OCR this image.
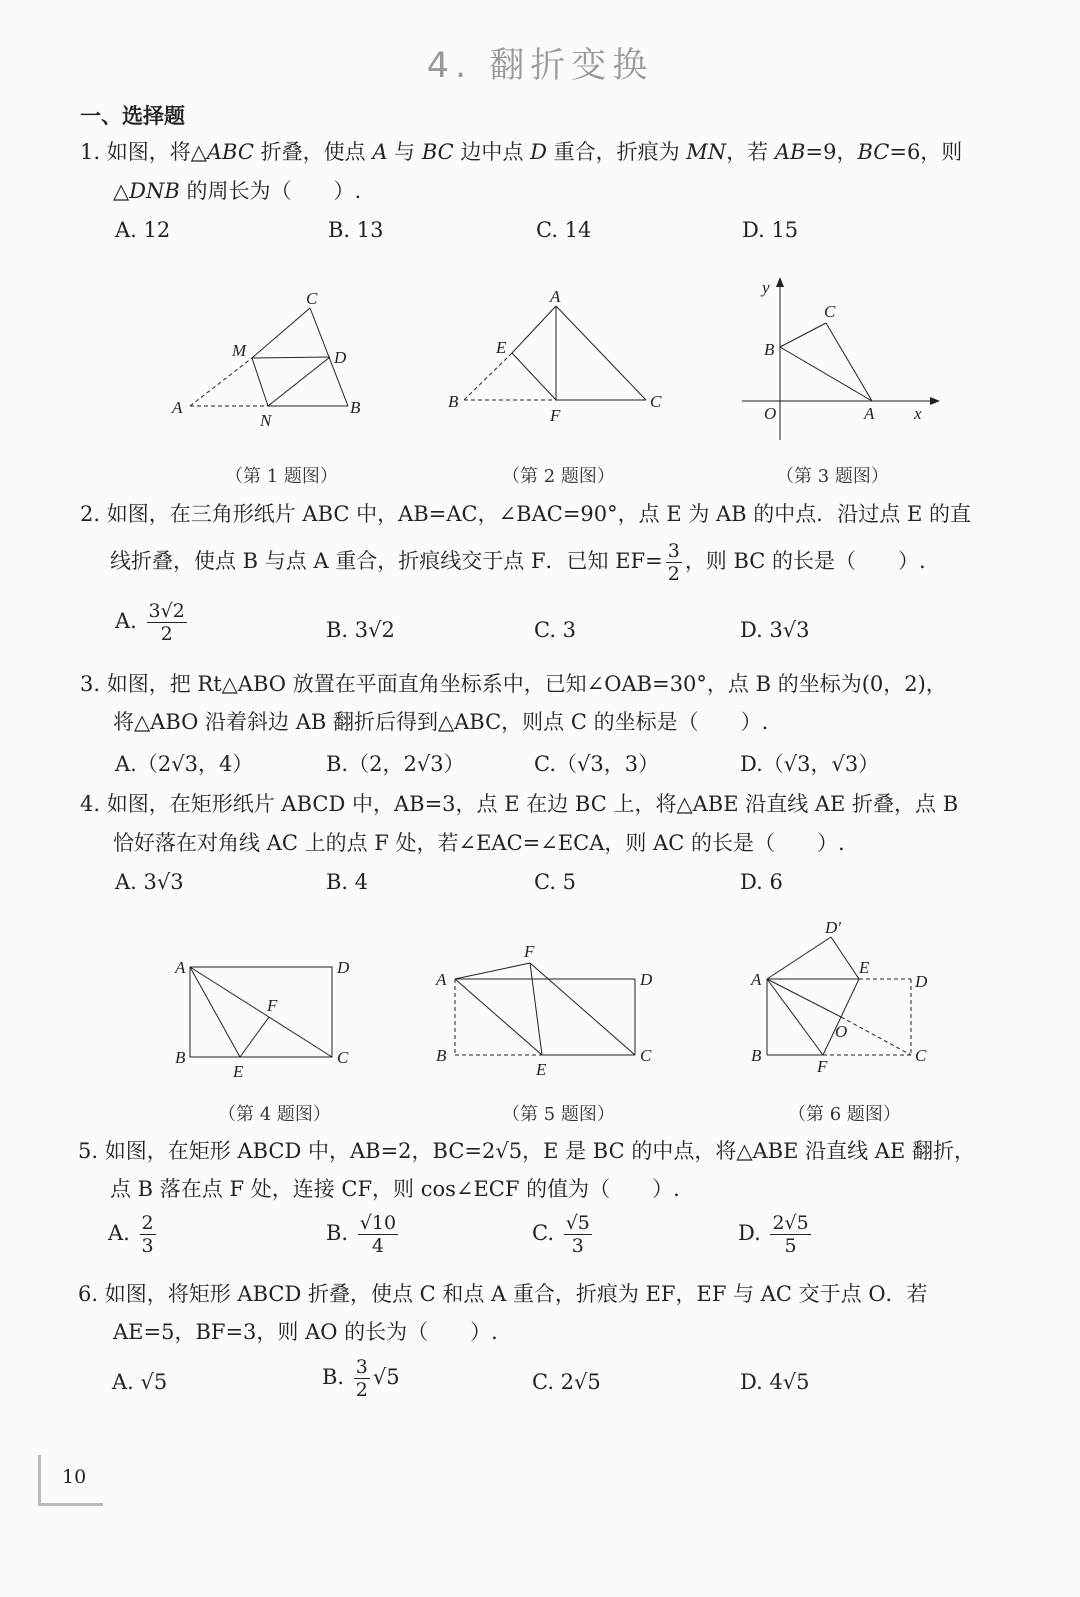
4. 翻折变换
一、选择题
1. 如图，将△ABC 折叠，使点 A 与 BC 边中点 D 重合，折痕为 MN，若 AB=9，BC=6，则
△DNB 的周长为（　　）.
A. 12	B. 13	C. 14	D. 15
C
M	D
A
N
B
（第 1 题图）
A
E
B
F
C
（第 2 题图）
y
C
B
O	A x
（第 3 题图）
2. 如图，在三角形纸片 ABC 中，AB=AC，∠BAC=90°，点 E 为 AB 的中点．沿过点 E 的直
线折叠，使点 B 与点 A 重合，折痕线交于点 F．已知 $EF= \frac{3}{2}$ ，则 BC 的长是（　　）.
A. $\frac{3√2}{2}$	B. 3√2	C. 3	D. 3√3
3. 如图，把 Rt△ABO 放置在平面直角坐标系中，已知∠OAB=30°，点 B 的坐标为(0，2)，
将△ABO 沿着斜边 AB 翻折后得到△ABC，则点 C 的坐标是（　　）.
A.（2√3，4）	B.（2，2√3）	C.（√3，3）	D.（√3，√3）
4. 如图，在矩形纸片 ABCD 中，AB=3，点 E 在边 BC 上，将△ABE 沿直线 AE 折叠，点 B
恰好落在对角线 AC 上的点 F 处，若∠EAC=∠ECA，则 AC 的长是（　　）.
A. 3√3	B. 4	C. 5	D. 6
A	D
F
B
E
C
（第 4 题图）
F
A	D
B
E
C
（第 5 题图）
D′
A
E
D
O
B
F
C
（第 6 题图）
5. 如图，在矩形 ABCD 中，AB=2，BC=2√5，E 是 BC 的中点，将△ABE 沿直线 AE 翻折，
点 B 落在点 F 处，连接 CF，则 cos∠ECF 的值为（　　）.
A. $\frac{2}{3}$	B. $\frac{√10}{4}$	C. $\frac{√5}{3}$	D. $\frac{2√5}{5}$
6. 如图，将矩形 ABCD 折叠，使点 C 和点 A 重合，折痕为 EF，EF 与 AC 交于点 O．若
AE=5，BF=3，则 AO 的长为（　　）.
A. √5	B. $\frac{3}{2} √5$	C. 2√5	D. 4√5
10
